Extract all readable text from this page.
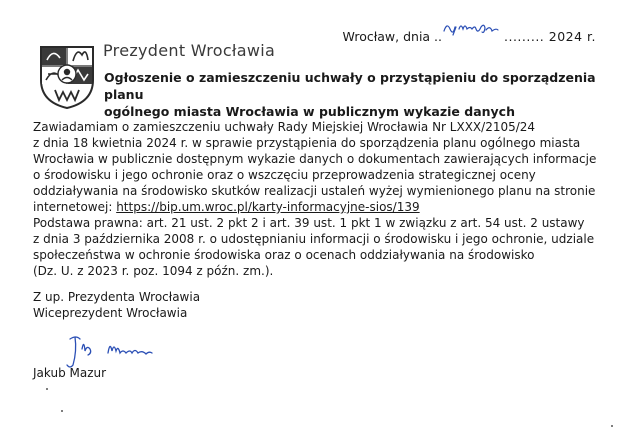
Wrocław, dnia ..	......... 2024 r.
Prezydent Wrocławia
Ogłoszenie o zamieszczeniu uchwały o przystąpieniu do sporządzenia planu
ogólnego miasta Wrocławia w publicznym wykazie danych

Zawiadamiam o zamieszczeniu uchwały Rady Miejskiej Wrocławia Nr LXXX/2105/24

z dnia 18 kwietnia 2024 r. w sprawie przystąpienia do sporządzenia planu ogólnego miasta

Wrocławia w publicznie dostępnym wykazie danych o dokumentach zawierających informacje

o środowisku i jego ochronie oraz o wszczęciu przeprowadzenia strategicznej oceny

oddziaływania na środowisko skutków realizacji ustaleń wyżej wymienionego planu na stronie

internetowej: https://bip.um.wroc.pl/karty-informacyjne-sios/139

Podstawa prawna: art. 21 ust. 2 pkt 2 i art. 39 ust. 1 pkt 1 w związku z art. 54 ust. 2 ustawy

z dnia 3 października 2008 r. o udostępnianiu informacji o środowisku i jego ochronie, udziale

społeczeństwa w ochronie środowiska oraz o ocenach oddziaływania na środowisko

(Dz. U. z 2023 r. poz. 1094 z późn. zm.).

Z up. Prezydenta Wrocławia
Wiceprezydent Wrocławia
Jakub Mazur
